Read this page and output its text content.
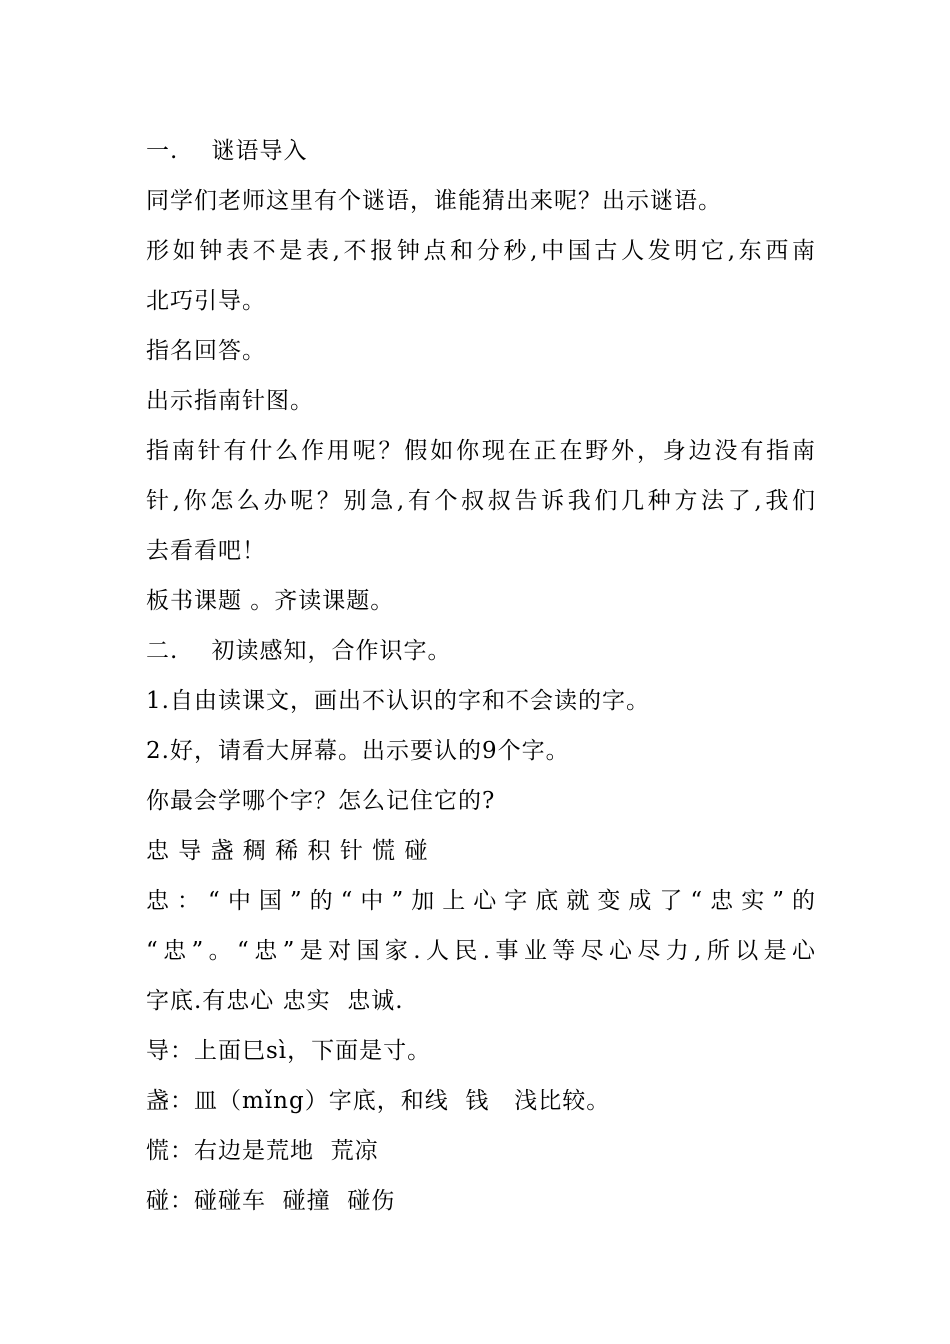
一.    谜语导入
同学们老师这里有个谜语，谁能猜出来呢？出示谜语。
形如钟表不是表,不报钟点和分秒,中国古人发明它,东西南
北巧引导。
指名回答。
出示指南针图。
指南针有什么作用呢？假如你现在正在野外，身边没有指南
针,你怎么办呢？别急,有个叔叔告诉我们几种方法了,我们
去看看吧！
板书课题 。齐读课题。
二.    初读感知，合作识字。
1.自由读课文，画出不认识的字和不会读的字。
2.好，请看大屏幕。出示要认的9个字。
你最会学哪个字？怎么记住它的?
忠 导 盏 稠 稀 积 针 慌 碰
忠：“中国”的“中”加上心字底就变成了“忠实”的
“忠”。“忠”是对国家.人民.事业等尽心尽力,所以是心
字底.有忠心 忠实  忠诚.
导：上面巳sì，下面是寸。
盏：皿（mǐng）字底，和线  钱   浅比较。
慌：右边是荒地  荒凉
碰：碰碰车  碰撞  碰伤
